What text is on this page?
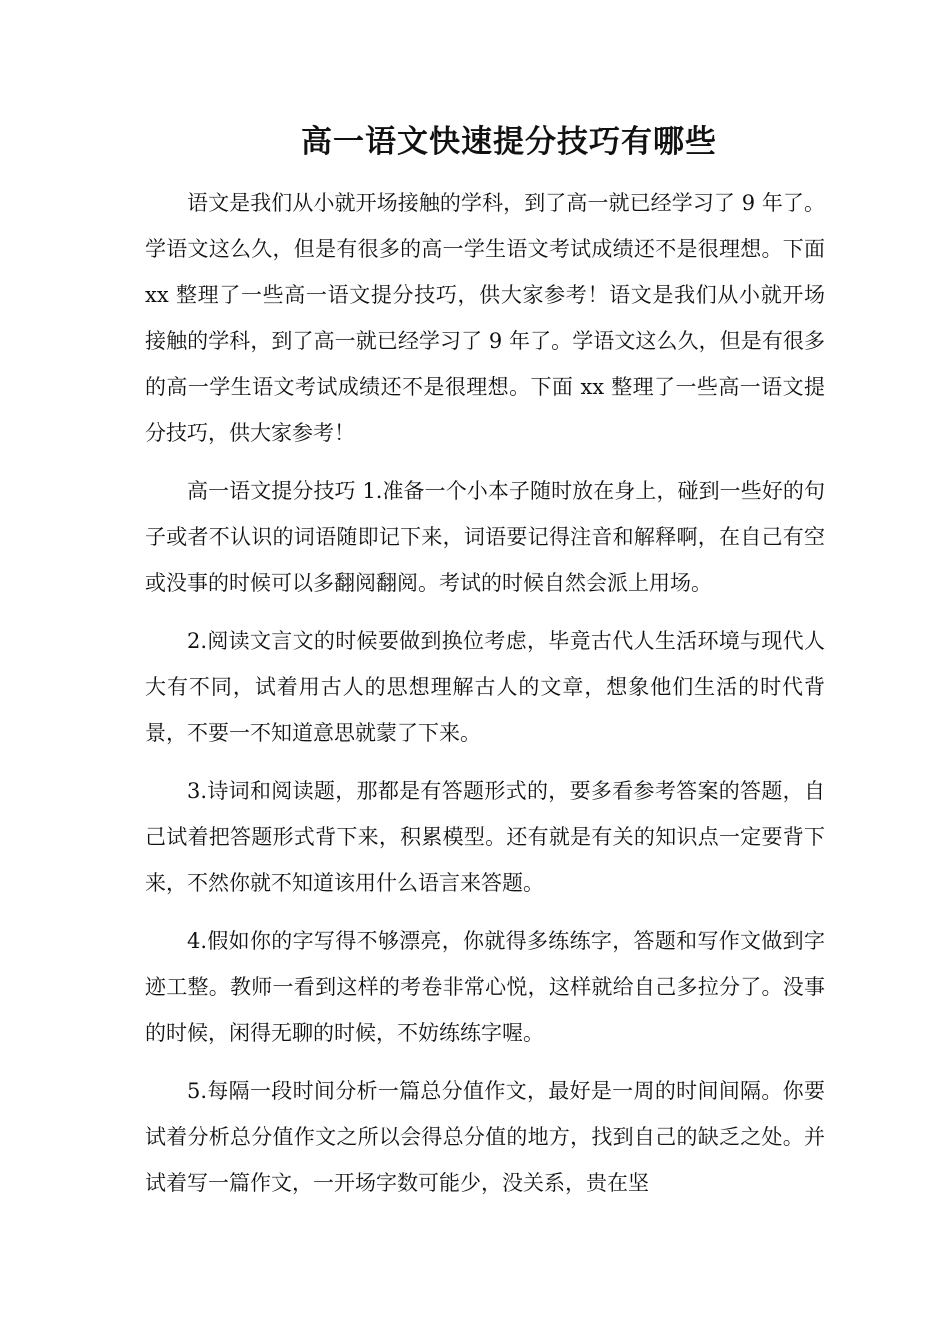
高一语文快速提分技巧有哪些

语文是我们从小就开场接触的学科，到了高一就已经学习了 9 年了。学语文这么久，但是有很多的高一学生语文考试成绩还不是很理想。下面 xx 整理了一些高一语文提分技巧，供大家参考！语文是我们从小就开场接触的学科，到了高一就已经学习了 9 年了。学语文这么久，但是有很多的高一学生语文考试成绩还不是很理想。下面 xx 整理了一些高一语文提分技巧，供大家参考！

高一语文提分技巧 1.准备一个小本子随时放在身上，碰到一些好的句子或者不认识的词语随即记下来，词语要记得注音和解释啊，在自己有空或没事的时候可以多翻阅翻阅。考试的时候自然会派上用场。

2.阅读文言文的时候要做到换位考虑，毕竟古代人生活环境与现代人大有不同，试着用古人的思想理解古人的文章，想象他们生活的时代背景，不要一不知道意思就蒙了下来。

3.诗词和阅读题，那都是有答题形式的，要多看参考答案的答题，自己试着把答题形式背下来，积累模型。还有就是有关的知识点一定要背下来，不然你就不知道该用什么语言来答题。

4.假如你的字写得不够漂亮，你就得多练练字，答题和写作文做到字迹工整。教师一看到这样的考卷非常心悦，这样就给自己多拉分了。没事的时候，闲得无聊的时候，不妨练练字喔。

5.每隔一段时间分析一篇总分值作文，最好是一周的时间间隔。你要试着分析总分值作文之所以会得总分值的地方，找到自己的缺乏之处。并试着写一篇作文，一开场字数可能少，没关系，贵在坚
